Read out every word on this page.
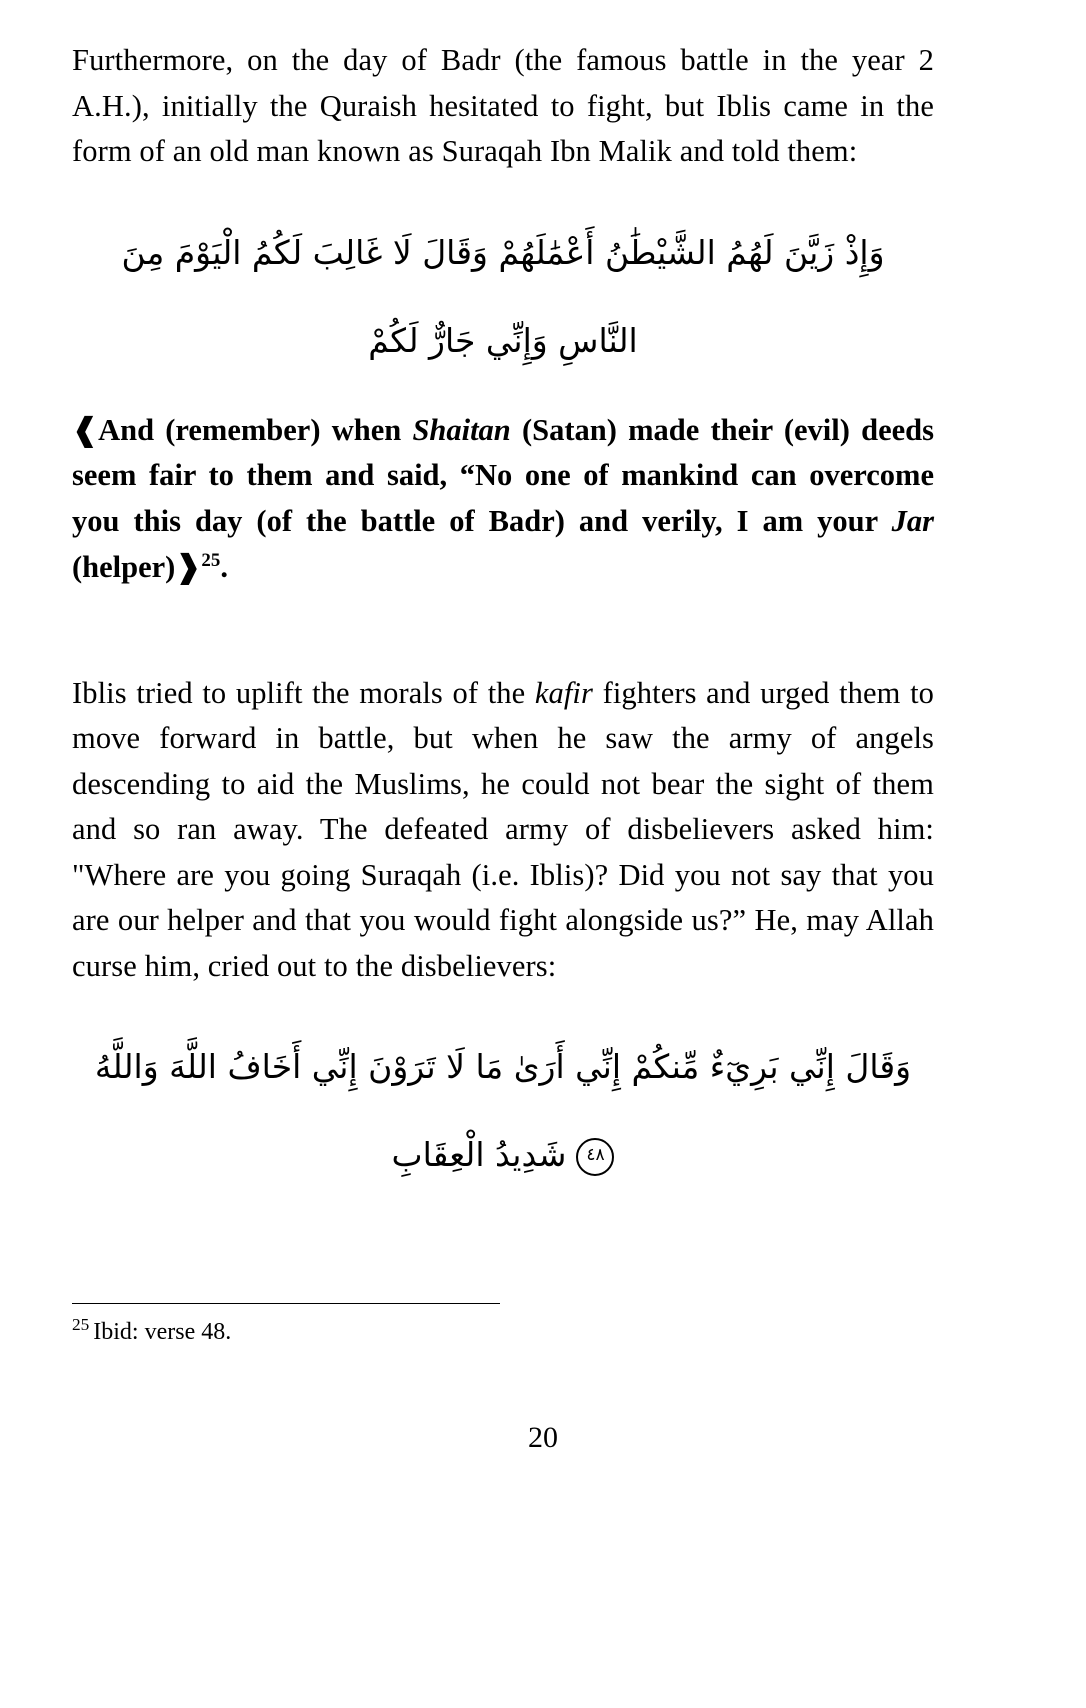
Furthermore, on the day of Badr (the famous battle in the year 2 A.H.), initially the Quraish hesitated to fight, but Iblis came in the form of an old man known as Suraqah Ibn Malik and told them:

وَإِذْ زَيَّنَ لَهُمُ الشَّيْطَٰنُ أَعْمَٰلَهُمْ وَقَالَ لَا غَالِبَ لَكُمُ الْيَوْمَ مِنَ
النَّاسِ وَإِنِّي جَارٌّ لَكُمْ

❰And (remember) when Shaitan (Satan) made their (evil) deeds seem fair to them and said, “No one of mankind can overcome you this day (of the battle of Badr) and verily, I am your Jar (helper)❱$^{25}$.

Iblis tried to uplift the morals of the kafir fighters and urged them to move forward in battle, but when he saw the army of angels descending to aid the Muslims, he could not bear the sight of them and so ran away. The defeated army of disbelievers asked him: "Where are you going Suraqah (i.e. Iblis)? Did you not say that you are our helper and that you would fight alongside us?” He, may Allah curse him, cried out to the disbelievers:

وَقَالَ إِنِّي بَرِيٓءٌ مِّنكُمْ إِنِّي أَرَىٰ مَا لَا تَرَوْنَ إِنِّي أَخَافُ اللَّهَ وَاللَّهُ
٤٨شَدِيدُ الْعِقَابِ

$^{25}$ Ibid: verse 48.

20
